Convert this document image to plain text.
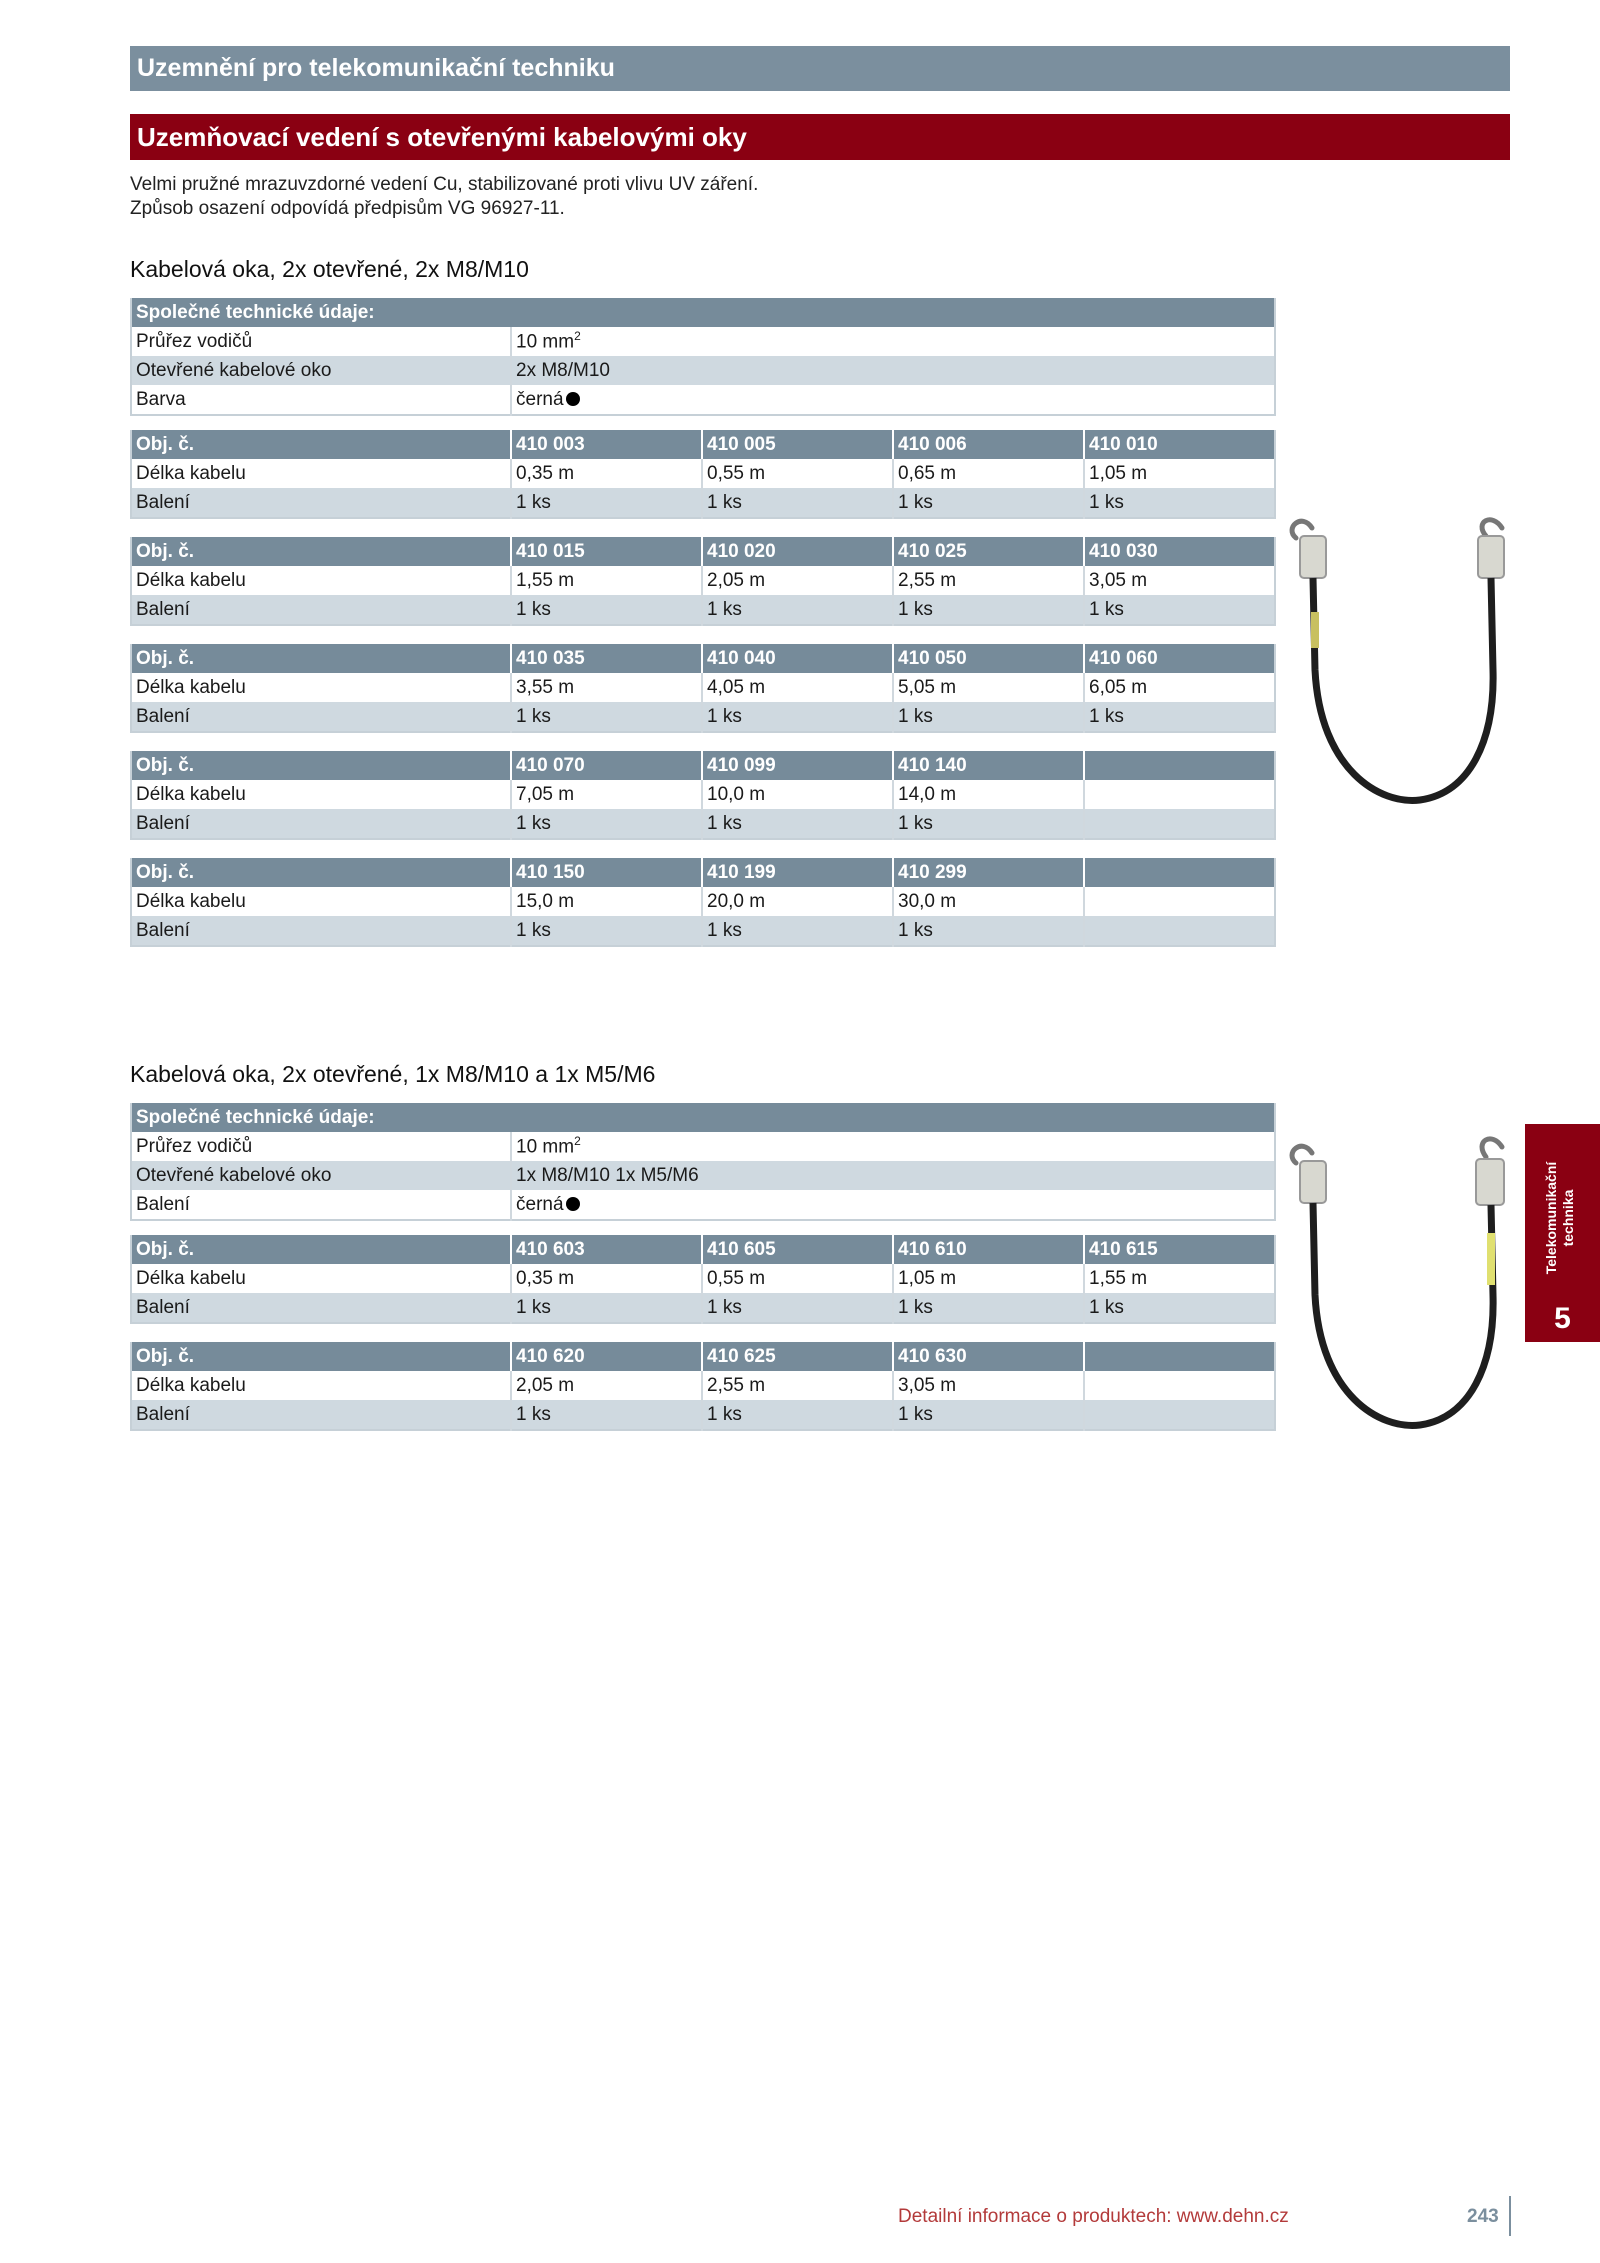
Uzemnění pro telekomunikační techniku
Uzemňovací vedení s otevřenými kabelovými oky
Velmi pružné mrazuvzdorné vedení Cu, stabilizované proti vlivu UV záření.
Způsob osazení odpovídá předpisům VG 96927-11.
Kabelová oka, 2x otevřené, 2x M8/M10
Společné technické údaje:	
Průřez vodičů	10 $mm^2$
Otevřené kabelové oko	2x M8/M10
Barva	černá
Obj. č.	410 003	410 005	410 006	410 010
Délka kabelu	0,35 m	0,55 m	0,65 m	1,05 m
Balení	1 ks	1 ks	1 ks	1 ks
Obj. č.	410 015	410 020	410 025	410 030
Délka kabelu	1,55 m	2,05 m	2,55 m	3,05 m
Balení	1 ks	1 ks	1 ks	1 ks
Obj. č.	410 035	410 040	410 050	410 060
Délka kabelu	3,55 m	4,05 m	5,05 m	6,05 m
Balení	1 ks	1 ks	1 ks	1 ks
Obj. č.	410 070	410 099	410 140	
Délka kabelu	7,05 m	10,0 m	14,0 m	
Balení	1 ks	1 ks	1 ks	
Obj. č.	410 150	410 199	410 299	
Délka kabelu	15,0 m	20,0 m	30,0 m	
Balení	1 ks	1 ks	1 ks	
Kabelová oka, 2x otevřené, 1x M8/M10 a 1x M5/M6
Společné technické údaje:	
Průřez vodičů	10 $mm^2$
Otevřené kabelové oko	1x M8/M10 1x M5/M6
Balení	černá
Obj. č.	410 603	410 605	410 610	410 615
Délka kabelu	0,35 m	0,55 m	1,05 m	1,55 m
Balení	1 ks	1 ks	1 ks	1 ks
Obj. č.	410 620	410 625	410 630	
Délka kabelu	2,05 m	2,55 m	3,05 m	
Balení	1 ks	1 ks	1 ks	
Telekomunikační technika
5
Detailní informace o produktech: www.dehn.cz	243
